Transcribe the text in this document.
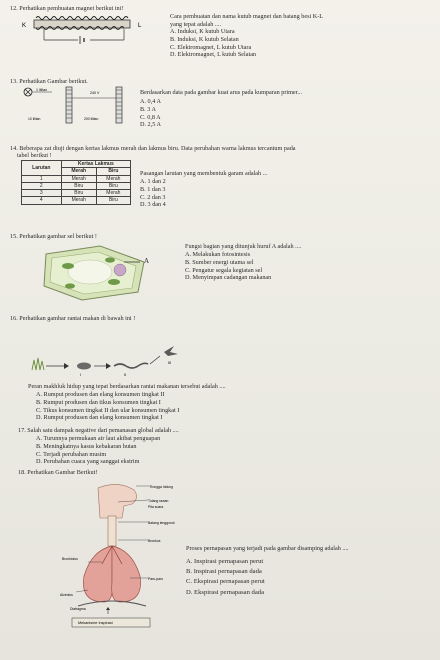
12. Perhatikan pembuatan magnet berikut ini!
K	L
Cara pembuatan dan nama kutub magnet dan batang besi K-L
yang tepat adalah ....
A. Induksi, K kutub Utara
B. Induksi, K kutub Selatan
C. Elektromagnet, L kutub Utara
D. Elektromagnet, L kutub Selatan
13. Perhatikan Gambar berikut.
1 lilitan
240 V
10 lilitan	200 lilitan
Berdasarkan data pada gambar kuat arus pada kumparan primer...
A. 0,4 A
B. 3 A
C. 0,8 A
D. 2,5 A
14. Beberapa zat diuji dengan kertas lakmus merah dan lakmus biru. Data perubahan warna lakmus tercantum pada
tabel berikut !
Larutan	Kertas Lakmus	
	Merah	Biru
1	Merah	Merah
2	Biru	Biru
3	Biru	Merah
4	Merah	Biru
Pasangan larutan yang membentuk garam adalah ...
A. 1 dan 2
B. 1 dan 3
C. 2 dan 3
D. 3 dan 4
15. Perhatikan gambar sel berikut !
A
Fungsi bagian yang ditunjuk huruf A adalah ....
A. Melakukan fotosintesis
B. Sumber energi utama sel
C. Pengatur segala kegiatan sel
D. Menyimpan cadangan makanan
16. Perhatikan gambar rantai makan di bawah ini !
I	II
III
Peran makhluk hidup yang tepat berdasarkan rantai makanan tersebut adalah ....
A. Rumput produsen dan elang konsumen tingkat II
B. Rumput produsen dan tikus konsumen tingkat I
C. Tikus konsumen tingkat II dan ular konsumen tingkat I
D. Rumput produsen dan elang konsumen tingkat I
17. Salah satu dampak negative dari pemanasan global adalah ....
A. Turunnya permukaan air laut akibat penguapan
B. Meningkatnya kasus kebakaran hutan
C. Terjadi perubahan musim
D. Perubahan cuaca yang sanggat ekstrim
18. Perhatikan Gambar Berikut!
Rongga hidung
Tulang rawan
Pita suara
Batang tenggorok
Bronkus
Bronkiolus
Paru-paru
Alveolus
Diafragma
Mekanisme Inspirasi
Proses pernapasan yang terjadi pada gambar disamping adalah ....
A. Inspirasi pernapasan perut
B. Inspirasi pernapasan dada
C. Ekspirasi pernapasan perut
D. Ekspirasi pernapasan dada
